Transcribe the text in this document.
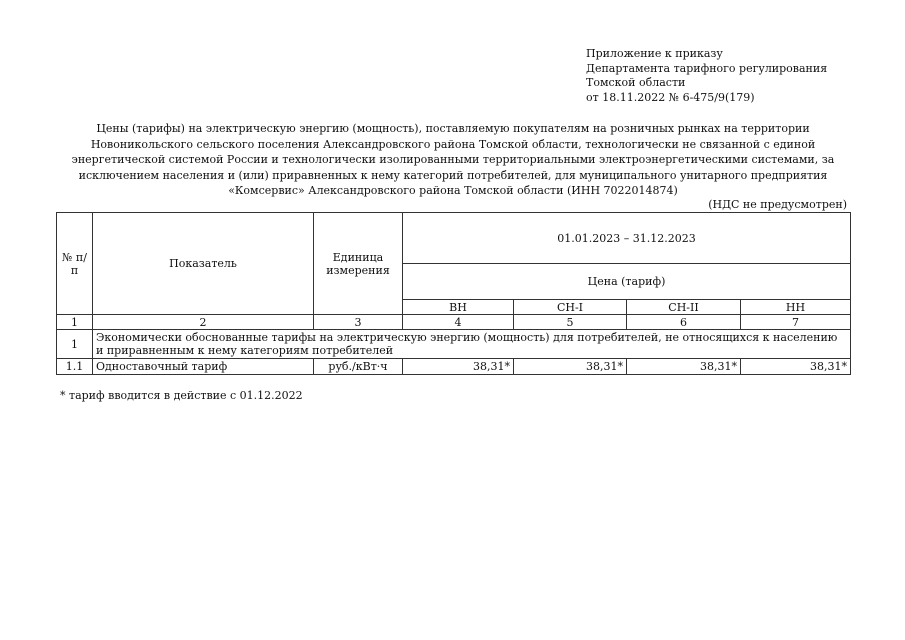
Приложение к приказу
Департамента тарифного регулирования
Томской области
от 18.11.2022 № 6-475/9(179)
Цены (тарифы) на электрическую энергию (мощность), поставляемую покупателям на розничных рынках на территории Новоникольского сельского поселения Александровского района Томской области, технологически не связанной с единой энергетической системой России и технологически изолированными территориальными электроэнергетическими системами, за исключением населения и (или) приравненных к нему категорий потребителей, для муниципального унитарного предприятия «Комсервис» Александровского района Томской области (ИНН 7022014874)
(НДС не предусмотрен)
№ п/п	Показатель	Единица измерения	01.01.2023 – 31.12.2023			
			Цена (тариф)			
			ВН	СН-I	СН-II	НН
1	2	3	4	5	6	7
1	Экономически обоснованные тарифы на электрическую энергию (мощность) для потребителей, не относящихся к населению и приравненным к нему категориям потребителей					
1.1	Одноставочный тариф	руб./кВт·ч	38,31*	38,31*	38,31*	38,31*
* тариф вводится в действие с 01.12.2022
